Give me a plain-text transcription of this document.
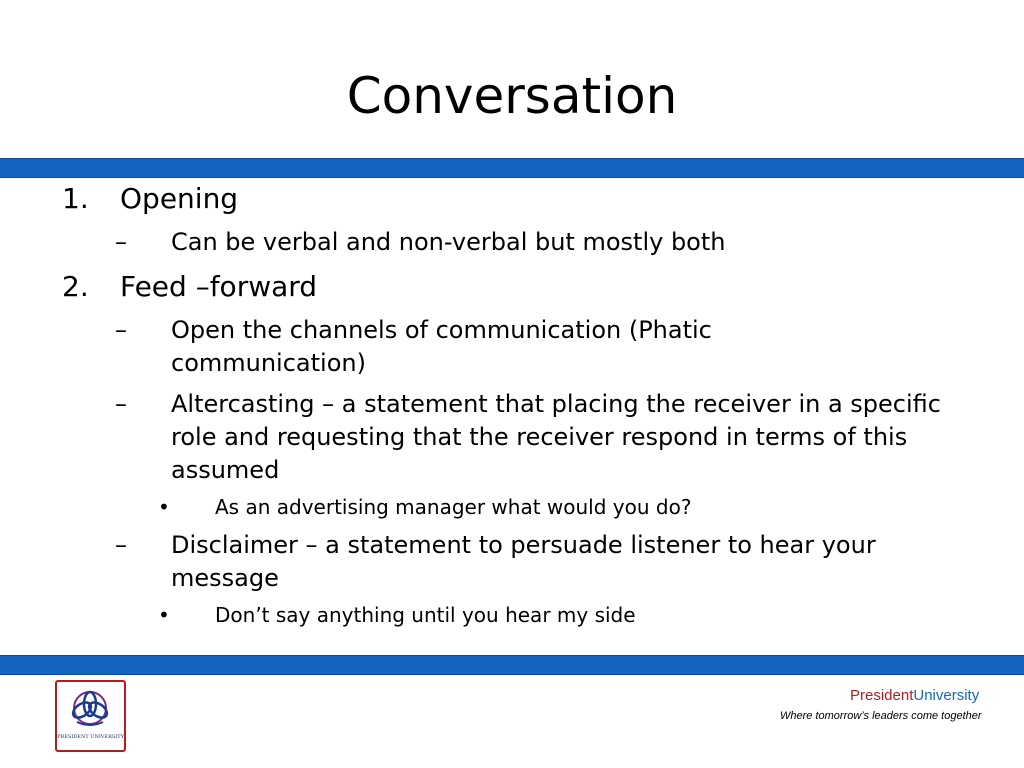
Conversation
1. Opening
– Can be verbal and non-verbal but mostly both
2. Feed –forward
– Open the channels of communication (Phatic communication)
– Altercasting – a statement that placing the receiver in a specific role and requesting that the receiver respond in terms of this assumed
• As an advertising manager what would you do?
– Disclaimer – a statement to persuade listener to hear your message
• Don’t say anything until you hear my side
PRESIDENT UNIVERSITY
PresidentUniversity
Where tomorrow’s leaders come together
